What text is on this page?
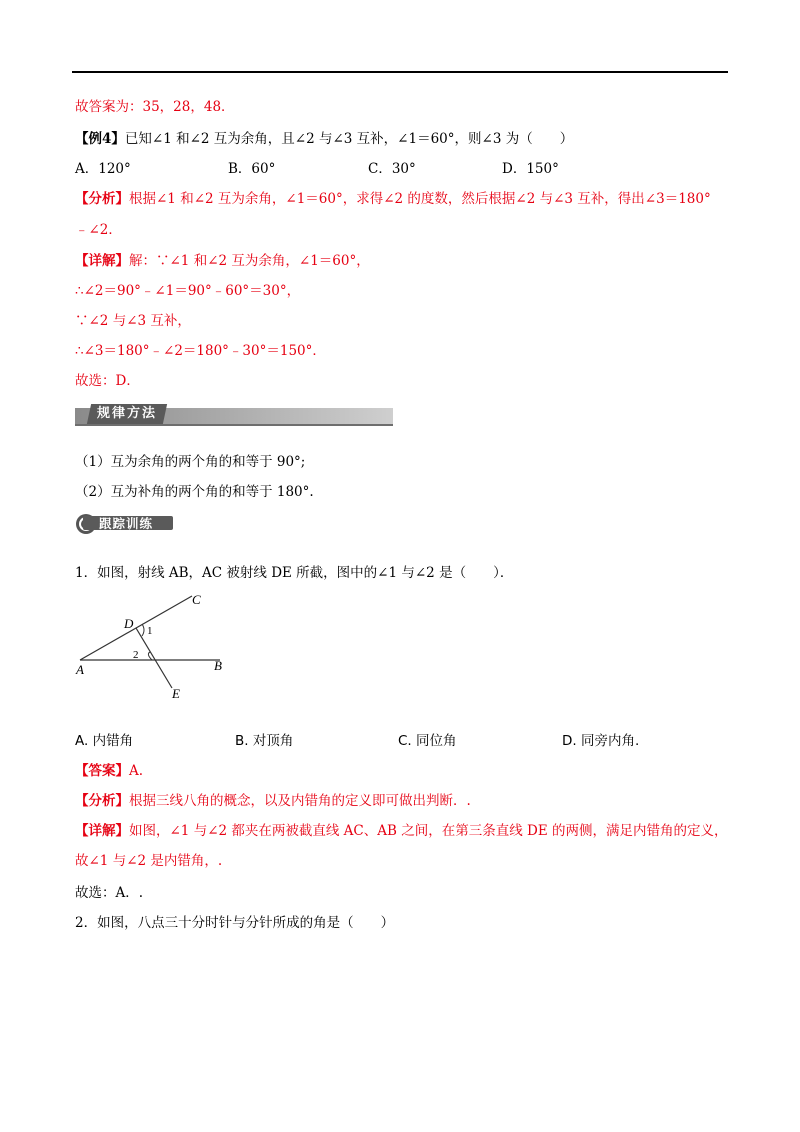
故答案为：35，28，48．
【例4】已知∠1 和∠2 互为余角，且∠2 与∠3 互补，∠1＝60°，则∠3 为（　　）
A．120°	B．60°	C．30°	D．150°
【分析】根据∠1 和∠2 互为余角，∠1＝60°，求得∠2 的度数，然后根据∠2 与∠3 互补，得出∠3＝180°
﹣∠2．
【详解】解：∵∠1 和∠2 互为余角，∠1＝60°，
∴∠2＝90°﹣∠1＝90°﹣60°＝30°，
∵∠2 与∠3 互补，
∴∠3＝180°﹣∠2＝180°﹣30°＝150°．
故选：D．
规律方法
（1）互为余角的两个角的和等于 90°;
（2）互为补角的两个角的和等于 180°.
跟踪训练
1．如图，射线 AB，AC 被射线 DE 所截，图中的∠1 与∠2 是（　　）．
C
D 1
2
A	B
E
A. 内错角	B. 对顶角	C. 同位角	D. 同旁内角.
【答案】A.
【分析】根据三线八角的概念，以及内错角的定义即可做出判断．.
【详解】如图，∠1 与∠2 都夹在两被截直线 AC、AB 之间，在第三条直线 DE 的两侧，满足内错角的定义，
故∠1 与∠2 是内错角，.
故选：A．.
2．如图，八点三十分时针与分针所成的角是（　　）
